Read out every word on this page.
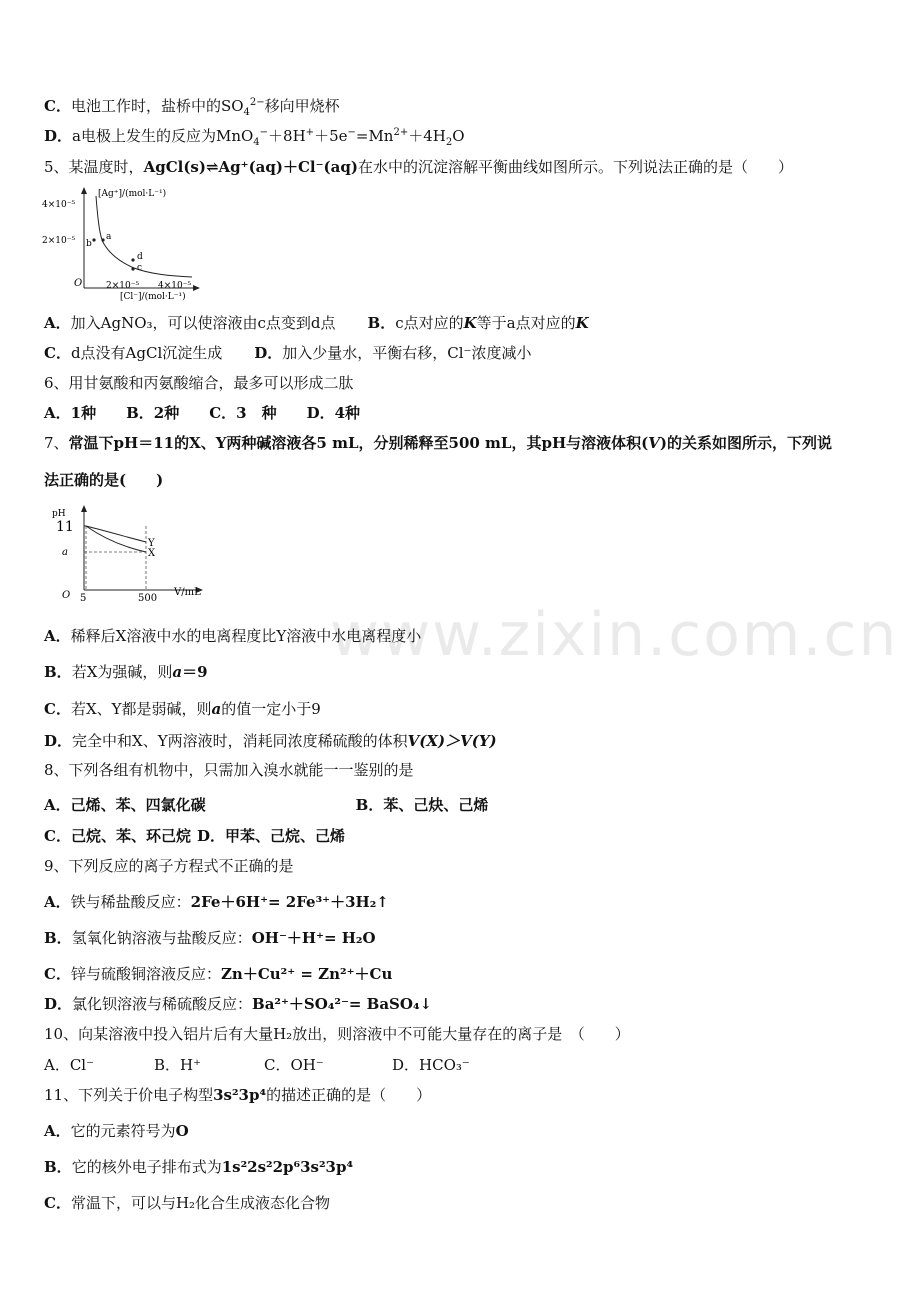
C．电池工作时，盐桥中的$SO_4^{2-}$移向甲烧杯
D．a电极上发生的反应为$MnO_4^-+8H^++5e^-=Mn^{2+}+4H_2O$
5、某温度时，AgCl(s)⇌Ag⁺(aq)＋Cl⁻(aq)在水中的沉淀溶解平衡曲线如图所示。下列说法正确的是（　　）
[Ag⁺]/(mol·L⁻¹)
4×10⁻⁵
2×10⁻⁵
O	2×10⁻⁵ 4×10⁻⁵
[Cl⁻]/(mol·L⁻¹)
b
a
d
c
A．加入AgNO₃，可以使溶液由c点变到d点 B．c点对应的K等于a点对应的K
C．d点没有AgCl沉淀生成 D．加入少量水，平衡右移，Cl⁻浓度减小
6、用甘氨酸和丙氨酸缩合，最多可以形成二肽
A．1种 B．2种 C．3　种 D．4种
7、常温下pH＝11的X、Y两种碱溶液各5 mL，分别稀释至500 mL，其pH与溶液体积(V)的关系如图所示，下列说
法正确的是(　　)
pH
11
a
O 5	500
V/mL
Y
X
A．稀释后X溶液中水的电离程度比Y溶液中水电离程度小
B．若X为强碱，则a＝9
C．若X、Y都是弱碱，则a的值一定小于9
D．完全中和X、Y两溶液时，消耗同浓度稀硫酸的体积V(X)＞V(Y)
8、下列各组有机物中，只需加入溴水就能一一鉴别的是
A．己烯、苯、四氯化碳	B．苯、己炔、己烯
C．己烷、苯、环己烷 D．甲苯、己烷、己烯
9、下列反应的离子方程式不正确的是
A．铁与稀盐酸反应：2Fe＋6H⁺= 2Fe³⁺＋3H₂↑
B．氢氧化钠溶液与盐酸反应：OH⁻＋H⁺= H₂O
C．锌与硫酸铜溶液反应：Zn＋Cu²⁺ = Zn²⁺＋Cu
D．氯化钡溶液与稀硫酸反应：Ba²⁺＋SO₄²⁻= BaSO₄↓
10、向某溶液中投入铝片后有大量H₂放出，则溶液中不可能大量存在的离子是　（　　）
A．Cl⁻	B．H⁺	C．OH⁻	D．HCO₃⁻
11、下列关于价电子构型3s²3p⁴的描述正确的是（　　）
A．它的元素符号为O
B．它的核外电子排布式为1s²2s²2p⁶3s²3p⁴
C．常温下，可以与H₂化合生成液态化合物
www.zixin.com.cn
